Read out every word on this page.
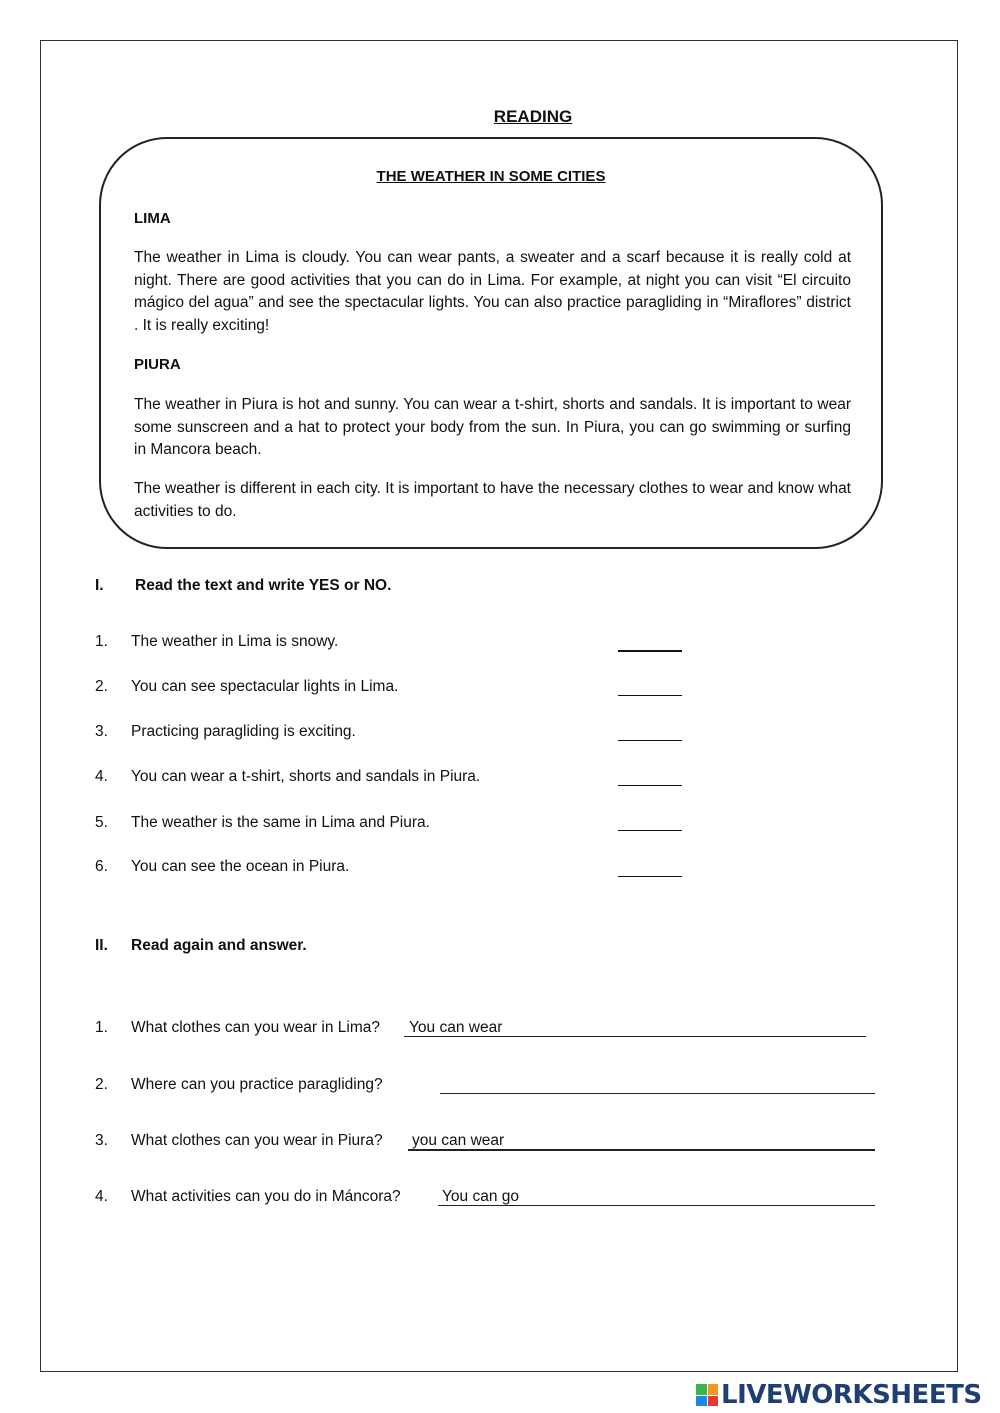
READING
THE WEATHER IN SOME CITIES
LIMA
The weather in Lima is cloudy. You can wear pants, a sweater and a scarf because it is really cold at night. There are good activities that you can do in Lima. For example, at night you can visit “El circuito mágico del agua” and see the spectacular lights. You can also practice paragliding in “Miraflores” district . It is really exciting!
PIURA
The weather in Piura is hot and sunny. You can wear a t-shirt, shorts and sandals. It is important to wear some sunscreen and a hat to protect your body from the sun. In Piura, you can go swimming or surfing in Mancora beach.
The weather is different in each city. It is important to have the necessary clothes to wear and know what activities to do.
I. Read the text and write YES or NO.
1. The weather in Lima is snowy.
2. You can see spectacular lights in Lima.
3. Practicing paragliding is exciting.
4. You can wear a t-shirt, shorts and sandals in Piura.
5. The weather is the same in Lima and Piura.
6. You can see the ocean in Piura.
II. Read again and answer.
1. What clothes can you wear in Lima? You can wear
2. Where can you practice paragliding?
3. What clothes can you wear in Piura? you can wear
4. What activities can you do in Máncora?	You can go
LIVEWORKSHEETS
